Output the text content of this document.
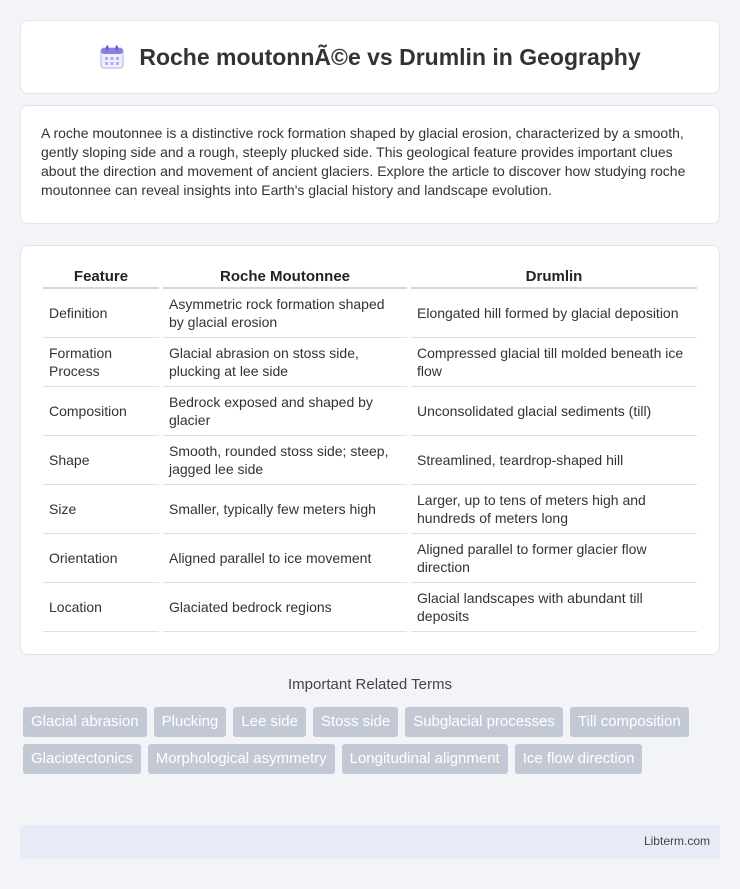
Roche moutonnÃ©e vs Drumlin in Geography

A roche moutonnee is a distinctive rock formation shaped by glacial erosion, characterized by a smooth, gently sloping side and a rough, steeply plucked side. This geological feature provides important clues about the direction and movement of ancient glaciers. Explore the article to discover how studying roche moutonnee can reveal insights into Earth's glacial history and landscape evolution.

Feature		Roche Moutonnee		Drumlin
Definition		Asymmetric rock formation shaped by glacial erosion		Elongated hill formed by glacial deposition
Formation Process		Glacial abrasion on stoss side, plucking at lee side		Compressed glacial till molded beneath ice flow
Composition		Bedrock exposed and shaped by glacier		Unconsolidated glacial sediments (till)
Shape		Smooth, rounded stoss side; steep, jagged lee side		Streamlined, teardrop-shaped hill
Size		Smaller, typically few meters high		Larger, up to tens of meters high and hundreds of meters long
Orientation		Aligned parallel to ice movement		Aligned parallel to former glacier flow direction
Location		Glaciated bedrock regions		Glacial landscapes with abundant till deposits
Important Related Terms
Glacial abrasion	Plucking	Lee side	Stoss side	Subglacial processes	Till composition
Glaciotectonics	Morphological asymmetry	Longitudinal alignment	Ice flow direction
Libterm.com
